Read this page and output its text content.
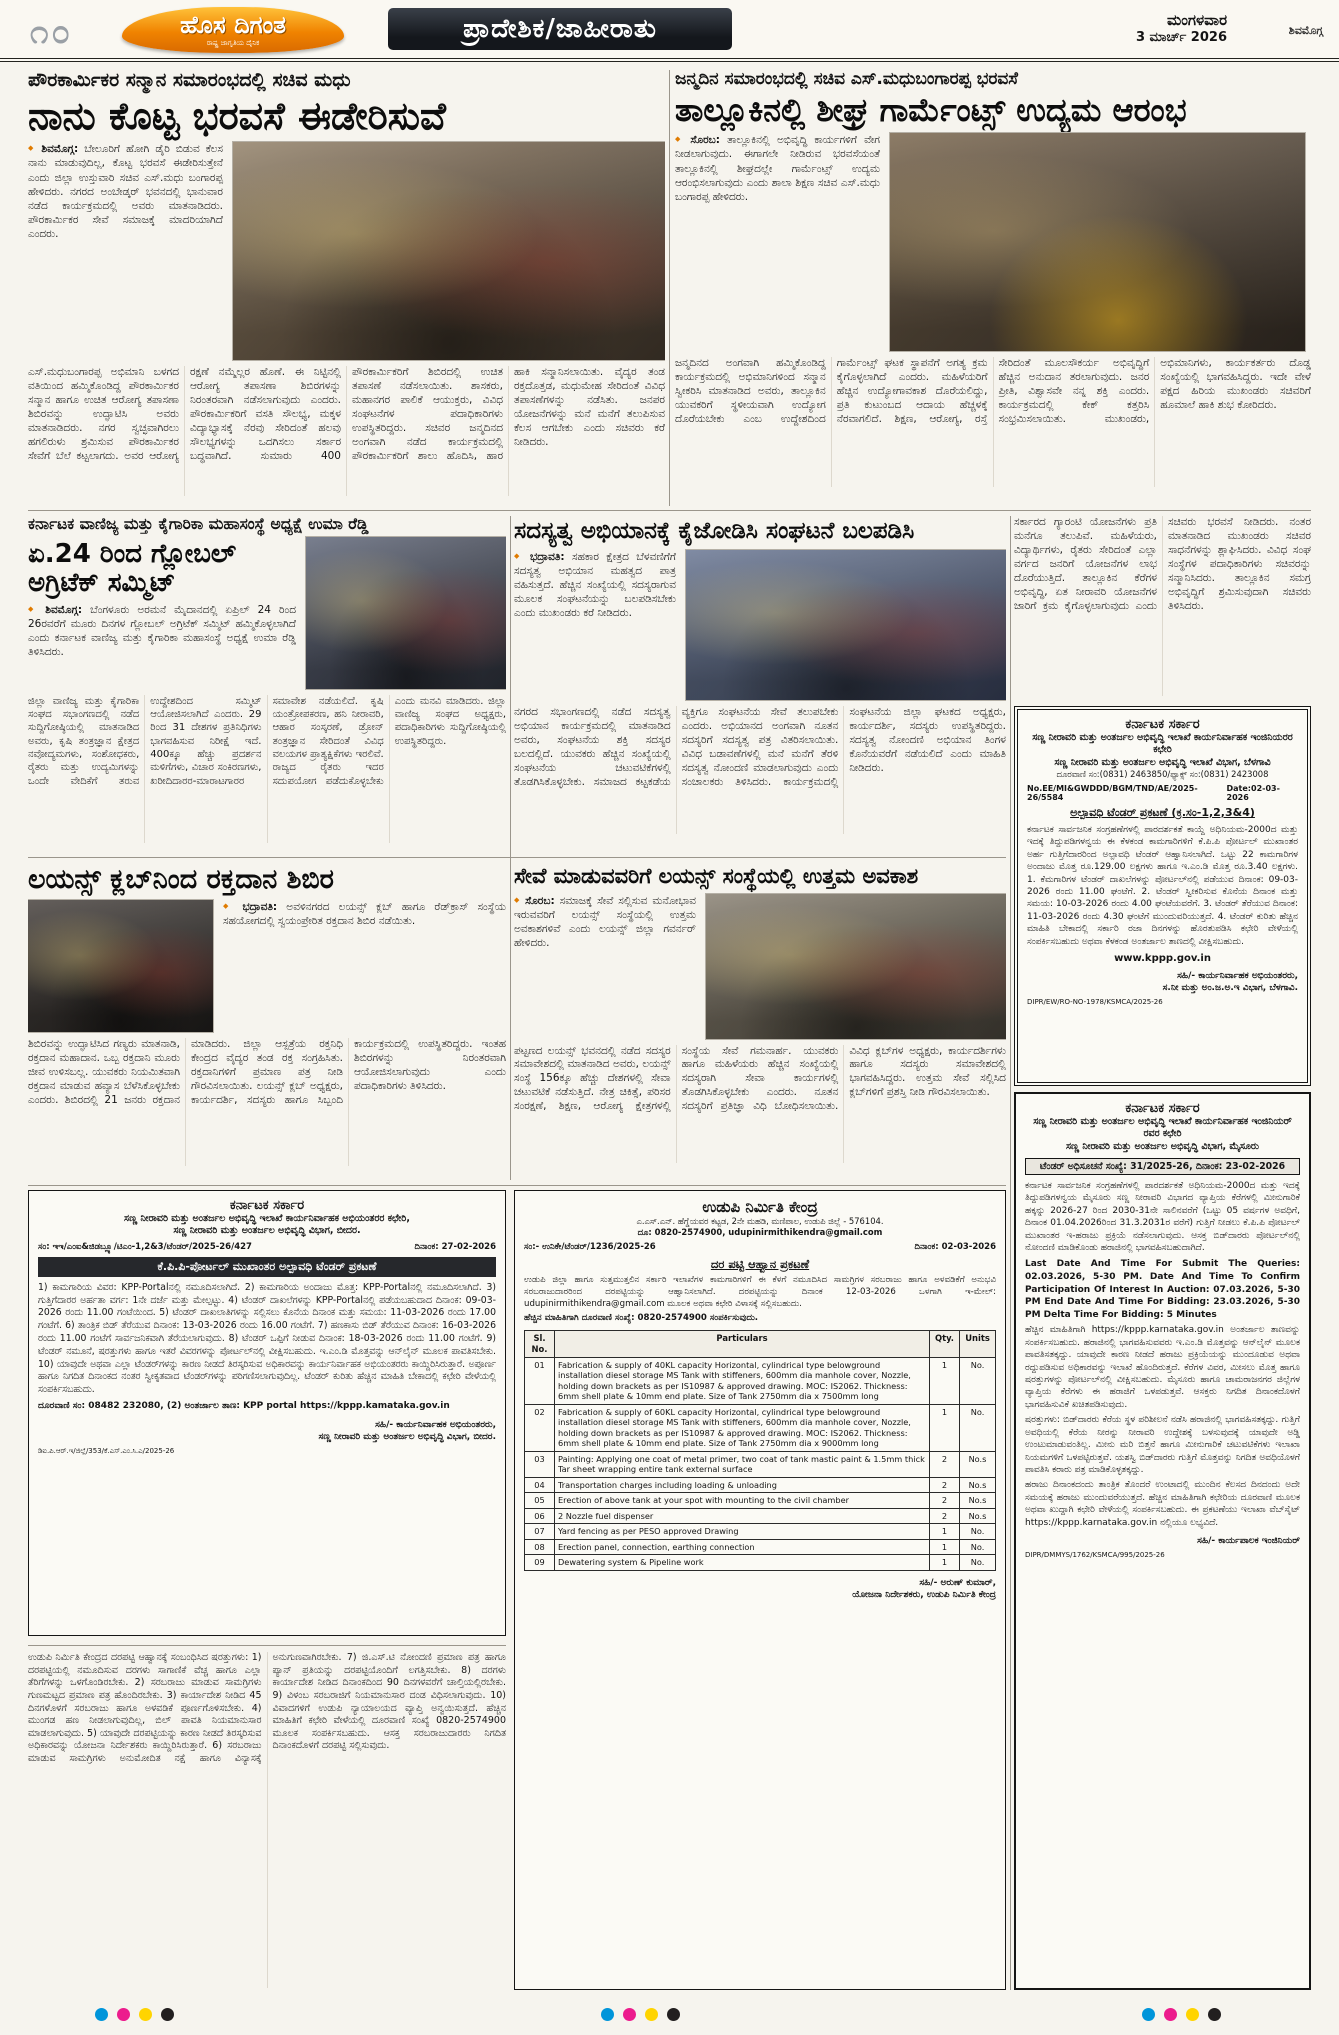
೧೦	ಹೊಸ ದಿಗಂತ
ರಾಷ್ಟ್ರ ಜಾಗೃತಿಯ ದೈನಿಕ	ಪ್ರಾದೇಶಿಕ/ಜಾಹೀರಾತು	ಮಂಗಳವಾರ
3 ಮಾರ್ಚ್ 2026	ಶಿವಮೊಗ್ಗ
ಪೌರಕಾರ್ಮಿಕರ ಸನ್ಮಾನ ಸಮಾರಂಭದಲ್ಲಿ ಸಚಿವ ಮಧು
ನಾನು ಕೊಟ್ಟ ಭರವಸೆ ಈಡೇರಿಸುವೆ

◆ ಶಿವಮೊಗ್ಗ: ಬೇಲೂರಿಗೆ ಹೋಗಿ ಡೈರಿ ಬಿಡುವ ಕೆಲಸ ನಾನು ಮಾಡುವುದಿಲ್ಲ, ಕೊಟ್ಟ ಭರವಸೆ ಈಡೇರಿಸುತ್ತೇನೆ ಎಂದು ಜಿಲ್ಲಾ ಉಸ್ತುವಾರಿ ಸಚಿವ ಎಸ್.ಮಧು ಬಂಗಾರಪ್ಪ ಹೇಳಿದರು. ನಗರದ ಅಂಬೇಡ್ಕರ್ ಭವನದಲ್ಲಿ ಭಾನುವಾರ ನಡೆದ ಕಾರ್ಯಕ್ರಮದಲ್ಲಿ ಅವರು ಮಾತನಾಡಿದರು. ಪೌರಕಾರ್ಮಿಕರ ಸೇವೆ ಸಮಾಜಕ್ಕೆ ಮಾದರಿಯಾಗಿದೆ ಎಂದರು.

ಎಸ್.ಮಧುಬಂಗಾರಪ್ಪ ಅಭಿಮಾನಿ ಬಳಗದ ವತಿಯಿಂದ ಹಮ್ಮಿಕೊಂಡಿದ್ದ ಪೌರಕಾರ್ಮಿಕರ ಸನ್ಮಾನ ಹಾಗೂ ಉಚಿತ ಆರೋಗ್ಯ ತಪಾಸಣಾ ಶಿಬಿರವನ್ನು ಉದ್ಘಾಟಿಸಿ ಅವರು ಮಾತನಾಡಿದರು. ನಗರ ಸ್ವಚ್ಛವಾಗಿರಲು ಹಗಲಿರುಳು ಶ್ರಮಿಸುವ ಪೌರಕಾರ್ಮಿಕರ ಸೇವೆಗೆ ಬೆಲೆ ಕಟ್ಟಲಾಗದು. ಅವರ ಆರೋಗ್ಯ ರಕ್ಷಣೆ ನಮ್ಮೆಲ್ಲರ ಹೊಣೆ. ಈ ನಿಟ್ಟಿನಲ್ಲಿ ಆರೋಗ್ಯ ತಪಾಸಣಾ ಶಿಬಿರಗಳನ್ನು ನಿರಂತರವಾಗಿ ನಡೆಸಲಾಗುವುದು ಎಂದರು. ಪೌರಕಾರ್ಮಿಕರಿಗೆ ವಸತಿ ಸೌಲಭ್ಯ, ಮಕ್ಕಳ ವಿದ್ಯಾಭ್ಯಾಸಕ್ಕೆ ನೆರವು ಸೇರಿದಂತೆ ಹಲವು ಸೌಲಭ್ಯಗಳನ್ನು ಒದಗಿಸಲು ಸರ್ಕಾರ ಬದ್ಧವಾಗಿದೆ. ಸುಮಾರು 400 ಪೌರಕಾರ್ಮಿಕರಿಗೆ ಶಿಬಿರದಲ್ಲಿ ಉಚಿತ ತಪಾಸಣೆ ನಡೆಸಲಾಯಿತು. ಶಾಸಕರು, ಮಹಾನಗರ ಪಾಲಿಕೆ ಆಯುಕ್ತರು, ವಿವಿಧ ಸಂಘಟನೆಗಳ ಪದಾಧಿಕಾರಿಗಳು ಉಪಸ್ಥಿತರಿದ್ದರು. ಸಚಿವರ ಜನ್ಮದಿನದ ಅಂಗವಾಗಿ ನಡೆದ ಕಾರ್ಯಕ್ರಮದಲ್ಲಿ ಪೌರಕಾರ್ಮಿಕರಿಗೆ ಶಾಲು ಹೊದಿಸಿ, ಹಾರ ಹಾಕಿ ಸನ್ಮಾನಿಸಲಾಯಿತು. ವೈದ್ಯರ ತಂಡ ರಕ್ತದೊತ್ತಡ, ಮಧುಮೇಹ ಸೇರಿದಂತೆ ವಿವಿಧ ತಪಾಸಣೆಗಳನ್ನು ನಡೆಸಿತು. ಜನಪರ ಯೋಜನೆಗಳನ್ನು ಮನೆ ಮನೆಗೆ ತಲುಪಿಸುವ ಕೆಲಸ ಆಗಬೇಕು ಎಂದು ಸಚಿವರು ಕರೆ ನೀಡಿದರು.

ಜನ್ಮದಿನ ಸಮಾರಂಭದಲ್ಲಿ ಸಚಿವ ಎಸ್.ಮಧುಬಂಗಾರಪ್ಪ ಭರವಸೆ
ತಾಲ್ಲೂಕಿನಲ್ಲಿ ಶೀಘ್ರ ಗಾರ್ಮೆಂಟ್ಸ್ ಉದ್ಯಮ ಆರಂಭ

◆ ಸೊರಬ: ತಾಲ್ಲೂಕಿನಲ್ಲಿ ಅಭಿವೃದ್ಧಿ ಕಾರ್ಯಗಳಿಗೆ ವೇಗ ನೀಡಲಾಗುವುದು. ಈಗಾಗಲೇ ನೀಡಿರುವ ಭರವಸೆಯಂತೆ ತಾಲ್ಲೂಕಿನಲ್ಲಿ ಶೀಘ್ರದಲ್ಲೇ ಗಾರ್ಮೆಂಟ್ಸ್ ಉದ್ಯಮ ಆರಂಭಿಸಲಾಗುವುದು ಎಂದು ಶಾಲಾ ಶಿಕ್ಷಣ ಸಚಿವ ಎಸ್.ಮಧು ಬಂಗಾರಪ್ಪ ಹೇಳಿದರು.

ಜನ್ಮದಿನದ ಅಂಗವಾಗಿ ಹಮ್ಮಿಕೊಂಡಿದ್ದ ಕಾರ್ಯಕ್ರಮದಲ್ಲಿ ಅಭಿಮಾನಿಗಳಿಂದ ಸನ್ಮಾನ ಸ್ವೀಕರಿಸಿ ಮಾತನಾಡಿದ ಅವರು, ತಾಲ್ಲೂಕಿನ ಯುವಕರಿಗೆ ಸ್ಥಳೀಯವಾಗಿ ಉದ್ಯೋಗ ದೊರೆಯಬೇಕು ಎಂಬ ಉದ್ದೇಶದಿಂದ ಗಾರ್ಮೆಂಟ್ಸ್ ಘಟಕ ಸ್ಥಾಪನೆಗೆ ಅಗತ್ಯ ಕ್ರಮ ಕೈಗೊಳ್ಳಲಾಗಿದೆ ಎಂದರು. ಮಹಿಳೆಯರಿಗೆ ಹೆಚ್ಚಿನ ಉದ್ಯೋಗಾವಕಾಶ ದೊರೆಯಲಿದ್ದು, ಪ್ರತಿ ಕುಟುಂಬದ ಆದಾಯ ಹೆಚ್ಚಳಕ್ಕೆ ನೆರವಾಗಲಿದೆ. ಶಿಕ್ಷಣ, ಆರೋಗ್ಯ, ರಸ್ತೆ ಸೇರಿದಂತೆ ಮೂಲಸೌಕರ್ಯ ಅಭಿವೃದ್ಧಿಗೆ ಹೆಚ್ಚಿನ ಅನುದಾನ ತರಲಾಗುವುದು. ಜನರ ಪ್ರೀತಿ, ವಿಶ್ವಾಸವೇ ನನ್ನ ಶಕ್ತಿ ಎಂದರು. ಕಾರ್ಯಕ್ರಮದಲ್ಲಿ ಕೇಕ್ ಕತ್ತರಿಸಿ ಸಂಭ್ರಮಿಸಲಾಯಿತು. ಮುಖಂಡರು, ಅಭಿಮಾನಿಗಳು, ಕಾರ್ಯಕರ್ತರು ದೊಡ್ಡ ಸಂಖ್ಯೆಯಲ್ಲಿ ಭಾಗವಹಿಸಿದ್ದರು. ಇದೇ ವೇಳೆ ಪಕ್ಷದ ಹಿರಿಯ ಮುಖಂಡರು ಸಚಿವರಿಗೆ ಹೂಮಾಲೆ ಹಾಕಿ ಶುಭ ಕೋರಿದರು.

ಸರ್ಕಾರದ ಗ್ಯಾರಂಟಿ ಯೋಜನೆಗಳು ಪ್ರತಿ ಮನೆಗೂ ತಲುಪಿವೆ. ಮಹಿಳೆಯರು, ವಿದ್ಯಾರ್ಥಿಗಳು, ರೈತರು ಸೇರಿದಂತೆ ಎಲ್ಲಾ ವರ್ಗದ ಜನರಿಗೆ ಯೋಜನೆಗಳ ಲಾಭ ದೊರೆಯುತ್ತಿದೆ. ತಾಲ್ಲೂಕಿನ ಕೆರೆಗಳ ಅಭಿವೃದ್ಧಿ, ಏತ ನೀರಾವರಿ ಯೋಜನೆಗಳ ಜಾರಿಗೆ ಕ್ರಮ ಕೈಗೊಳ್ಳಲಾಗುವುದು ಎಂದು ಸಚಿವರು ಭರವಸೆ ನೀಡಿದರು. ನಂತರ ಮಾತನಾಡಿದ ಮುಖಂಡರು ಸಚಿವರ ಸಾಧನೆಗಳನ್ನು ಶ್ಲಾಘಿಸಿದರು. ವಿವಿಧ ಸಂಘ ಸಂಸ್ಥೆಗಳ ಪದಾಧಿಕಾರಿಗಳು ಸಚಿವರನ್ನು ಸನ್ಮಾನಿಸಿದರು. ತಾಲ್ಲೂಕಿನ ಸಮಗ್ರ ಅಭಿವೃದ್ಧಿಗೆ ಶ್ರಮಿಸುವುದಾಗಿ ಸಚಿವರು ತಿಳಿಸಿದರು.

ಕರ್ನಾಟಕ ವಾಣಿಜ್ಯ ಮತ್ತು ಕೈಗಾರಿಕಾ ಮಹಾಸಂಸ್ಥೆ ಅಧ್ಯಕ್ಷೆ ಉಮಾ ರೆಡ್ಡಿ
ಏ.24 ರಿಂದ ಗ್ಲೋಬಲ್ ಅಗ್ರಿಟೆಕ್ ಸಮ್ಮಿಟ್

◆ ಶಿವಮೊಗ್ಗ: ಬೆಂಗಳೂರು ಅರಮನೆ ಮೈದಾನದಲ್ಲಿ ಏಪ್ರಿಲ್ 24 ರಿಂದ 26ರವರೆಗೆ ಮೂರು ದಿನಗಳ ಗ್ಲೋಬಲ್ ಅಗ್ರಿಟೆಕ್ ಸಮ್ಮಿಟ್ ಹಮ್ಮಿಕೊಳ್ಳಲಾಗಿದೆ ಎಂದು ಕರ್ನಾಟಕ ವಾಣಿಜ್ಯ ಮತ್ತು ಕೈಗಾರಿಕಾ ಮಹಾಸಂಸ್ಥೆ ಅಧ್ಯಕ್ಷೆ ಉಮಾ ರೆಡ್ಡಿ ತಿಳಿಸಿದರು.

ಜಿಲ್ಲಾ ವಾಣಿಜ್ಯ ಮತ್ತು ಕೈಗಾರಿಕಾ ಸಂಘದ ಸಭಾಂಗಣದಲ್ಲಿ ನಡೆದ ಸುದ್ದಿಗೋಷ್ಠಿಯಲ್ಲಿ ಮಾತನಾಡಿದ ಅವರು, ಕೃಷಿ ತಂತ್ರಜ್ಞಾನ ಕ್ಷೇತ್ರದ ನವೋದ್ಯಮಗಳು, ಸಂಶೋಧಕರು, ರೈತರು ಮತ್ತು ಉದ್ಯಮಿಗಳನ್ನು ಒಂದೇ ವೇದಿಕೆಗೆ ತರುವ ಉದ್ದೇಶದಿಂದ ಸಮ್ಮಿಟ್ ಆಯೋಜಿಸಲಾಗಿದೆ ಎಂದರು. 29 ರಿಂದ 31 ದೇಶಗಳ ಪ್ರತಿನಿಧಿಗಳು ಭಾಗವಹಿಸುವ ನಿರೀಕ್ಷೆ ಇದೆ. 400ಕ್ಕೂ ಹೆಚ್ಚು ಪ್ರದರ್ಶನ ಮಳಿಗೆಗಳು, ವಿಚಾರ ಸಂಕಿರಣಗಳು, ಖರೀದಿದಾರರ-ಮಾರಾಟಗಾರರ ಸಮಾವೇಶ ನಡೆಯಲಿದೆ. ಕೃಷಿ ಯಂತ್ರೋಪಕರಣ, ಹನಿ ನೀರಾವರಿ, ಆಹಾರ ಸಂಸ್ಕರಣೆ, ಡ್ರೋನ್ ತಂತ್ರಜ್ಞಾನ ಸೇರಿದಂತೆ ವಿವಿಧ ವಲಯಗಳ ಪ್ರಾತ್ಯಕ್ಷಿಕೆಗಳು ಇರಲಿವೆ. ರಾಜ್ಯದ ರೈತರು ಇದರ ಸದುಪಯೋಗ ಪಡೆದುಕೊಳ್ಳಬೇಕು ಎಂದು ಮನವಿ ಮಾಡಿದರು. ಜಿಲ್ಲಾ ವಾಣಿಜ್ಯ ಸಂಘದ ಅಧ್ಯಕ್ಷರು, ಪದಾಧಿಕಾರಿಗಳು ಸುದ್ದಿಗೋಷ್ಠಿಯಲ್ಲಿ ಉಪಸ್ಥಿತರಿದ್ದರು.

ಸದಸ್ಯತ್ವ ಅಭಿಯಾನಕ್ಕೆ ಕೈಜೋಡಿಸಿ ಸಂಘಟನೆ ಬಲಪಡಿಸಿ

◆ ಭದ್ರಾವತಿ: ಸಹಕಾರ ಕ್ಷೇತ್ರದ ಬೆಳವಣಿಗೆಗೆ ಸದಸ್ಯತ್ವ ಅಭಿಯಾನ ಮಹತ್ವದ ಪಾತ್ರ ವಹಿಸುತ್ತದೆ. ಹೆಚ್ಚಿನ ಸಂಖ್ಯೆಯಲ್ಲಿ ಸದಸ್ಯರಾಗುವ ಮೂಲಕ ಸಂಘಟನೆಯನ್ನು ಬಲಪಡಿಸಬೇಕು ಎಂದು ಮುಖಂಡರು ಕರೆ ನೀಡಿದರು.

ನಗರದ ಸಭಾಂಗಣದಲ್ಲಿ ನಡೆದ ಸದಸ್ಯತ್ವ ಅಭಿಯಾನ ಕಾರ್ಯಕ್ರಮದಲ್ಲಿ ಮಾತನಾಡಿದ ಅವರು, ಸಂಘಟನೆಯ ಶಕ್ತಿ ಸದಸ್ಯರ ಬಲದಲ್ಲಿದೆ. ಯುವಕರು ಹೆಚ್ಚಿನ ಸಂಖ್ಯೆಯಲ್ಲಿ ಸಂಘಟನೆಯ ಚಟುವಟಿಕೆಗಳಲ್ಲಿ ತೊಡಗಿಸಿಕೊಳ್ಳಬೇಕು. ಸಮಾಜದ ಕಟ್ಟಕಡೆಯ ವ್ಯಕ್ತಿಗೂ ಸಂಘಟನೆಯ ಸೇವೆ ತಲುಪಬೇಕು ಎಂದರು. ಅಭಿಯಾನದ ಅಂಗವಾಗಿ ನೂತನ ಸದಸ್ಯರಿಗೆ ಸದಸ್ಯತ್ವ ಪತ್ರ ವಿತರಿಸಲಾಯಿತು. ವಿವಿಧ ಬಡಾವಣೆಗಳಲ್ಲಿ ಮನೆ ಮನೆಗೆ ತೆರಳಿ ಸದಸ್ಯತ್ವ ನೋಂದಣಿ ಮಾಡಲಾಗುವುದು ಎಂದು ಸಂಚಾಲಕರು ತಿಳಿಸಿದರು. ಕಾರ್ಯಕ್ರಮದಲ್ಲಿ ಸಂಘಟನೆಯ ಜಿಲ್ಲಾ ಘಟಕದ ಅಧ್ಯಕ್ಷರು, ಕಾರ್ಯದರ್ಶಿ, ಸದಸ್ಯರು ಉಪಸ್ಥಿತರಿದ್ದರು. ಸದಸ್ಯತ್ವ ನೋಂದಣಿ ಅಭಿಯಾನ ತಿಂಗಳ ಕೊನೆಯವರೆಗೆ ನಡೆಯಲಿದೆ ಎಂದು ಮಾಹಿತಿ ನೀಡಿದರು.

ಲಯನ್ಸ್ ಕ್ಲಬ್‌ನಿಂದ ರಕ್ತದಾನ ಶಿಬಿರ

◆ ಭದ್ರಾವತಿ: ಅವಳಿನಗರದ ಲಯನ್ಸ್ ಕ್ಲಬ್ ಹಾಗೂ ರೆಡ್‌ಕ್ರಾಸ್ ಸಂಸ್ಥೆಯ ಸಹಯೋಗದಲ್ಲಿ ಸ್ವಯಂಪ್ರೇರಿತ ರಕ್ತದಾನ ಶಿಬಿರ ನಡೆಯಿತು.

ಶಿಬಿರವನ್ನು ಉದ್ಘಾಟಿಸಿದ ಗಣ್ಯರು ಮಾತನಾಡಿ, ರಕ್ತದಾನ ಮಹಾದಾನ. ಒಬ್ಬ ರಕ್ತದಾನಿ ಮೂರು ಜೀವ ಉಳಿಸಬಲ್ಲ. ಯುವಕರು ನಿಯಮಿತವಾಗಿ ರಕ್ತದಾನ ಮಾಡುವ ಹವ್ಯಾಸ ಬೆಳೆಸಿಕೊಳ್ಳಬೇಕು ಎಂದರು. ಶಿಬಿರದಲ್ಲಿ 21 ಜನರು ರಕ್ತದಾನ ಮಾಡಿದರು. ಜಿಲ್ಲಾ ಆಸ್ಪತ್ರೆಯ ರಕ್ತನಿಧಿ ಕೇಂದ್ರದ ವೈದ್ಯರ ತಂಡ ರಕ್ತ ಸಂಗ್ರಹಿಸಿತು. ರಕ್ತದಾನಿಗಳಿಗೆ ಪ್ರಮಾಣ ಪತ್ರ ನೀಡಿ ಗೌರವಿಸಲಾಯಿತು. ಲಯನ್ಸ್ ಕ್ಲಬ್ ಅಧ್ಯಕ್ಷರು, ಕಾರ್ಯದರ್ಶಿ, ಸದಸ್ಯರು ಹಾಗೂ ಸಿಬ್ಬಂದಿ ಕಾರ್ಯಕ್ರಮದಲ್ಲಿ ಉಪಸ್ಥಿತರಿದ್ದರು. ಇಂತಹ ಶಿಬಿರಗಳನ್ನು ನಿರಂತರವಾಗಿ ಆಯೋಜಿಸಲಾಗುವುದು ಎಂದು ಪದಾಧಿಕಾರಿಗಳು ತಿಳಿಸಿದರು.

ಸೇವೆ ಮಾಡುವವರಿಗೆ ಲಯನ್ಸ್ ಸಂಸ್ಥೆಯಲ್ಲಿ ಉತ್ತಮ ಅವಕಾಶ

◆ ಸೊರಬ: ಸಮಾಜಕ್ಕೆ ಸೇವೆ ಸಲ್ಲಿಸುವ ಮನೋಭಾವ ಇರುವವರಿಗೆ ಲಯನ್ಸ್ ಸಂಸ್ಥೆಯಲ್ಲಿ ಉತ್ತಮ ಅವಕಾಶಗಳಿವೆ ಎಂದು ಲಯನ್ಸ್ ಜಿಲ್ಲಾ ಗವರ್ನರ್ ಹೇಳಿದರು.

ಪಟ್ಟಣದ ಲಯನ್ಸ್ ಭವನದಲ್ಲಿ ನಡೆದ ಸದಸ್ಯರ ಸಮಾವೇಶದಲ್ಲಿ ಮಾತನಾಡಿದ ಅವರು, ಲಯನ್ಸ್ ಸಂಸ್ಥೆ 156ಕ್ಕೂ ಹೆಚ್ಚು ದೇಶಗಳಲ್ಲಿ ಸೇವಾ ಚಟುವಟಿಕೆ ನಡೆಸುತ್ತಿದೆ. ನೇತ್ರ ಚಿಕಿತ್ಸೆ, ಪರಿಸರ ಸಂರಕ್ಷಣೆ, ಶಿಕ್ಷಣ, ಆರೋಗ್ಯ ಕ್ಷೇತ್ರಗಳಲ್ಲಿ ಸಂಸ್ಥೆಯ ಸೇವೆ ಗಮನಾರ್ಹ. ಯುವಕರು ಹಾಗೂ ಮಹಿಳೆಯರು ಹೆಚ್ಚಿನ ಸಂಖ್ಯೆಯಲ್ಲಿ ಸದಸ್ಯರಾಗಿ ಸೇವಾ ಕಾರ್ಯಗಳಲ್ಲಿ ತೊಡಗಿಸಿಕೊಳ್ಳಬೇಕು ಎಂದರು. ನೂತನ ಸದಸ್ಯರಿಗೆ ಪ್ರತಿಜ್ಞಾ ವಿಧಿ ಬೋಧಿಸಲಾಯಿತು. ವಿವಿಧ ಕ್ಲಬ್‌ಗಳ ಅಧ್ಯಕ್ಷರು, ಕಾರ್ಯದರ್ಶಿಗಳು ಹಾಗೂ ಸದಸ್ಯರು ಸಮಾವೇಶದಲ್ಲಿ ಭಾಗವಹಿಸಿದ್ದರು. ಉತ್ತಮ ಸೇವೆ ಸಲ್ಲಿಸಿದ ಕ್ಲಬ್‌ಗಳಿಗೆ ಪ್ರಶಸ್ತಿ ನೀಡಿ ಗೌರವಿಸಲಾಯಿತು.

ಕರ್ನಾಟಕ ಸರ್ಕಾರ
ಸಣ್ಣ ನೀರಾವರಿ ಮತ್ತು ಅಂತರ್ಜಲ ಅಭಿವೃದ್ಧಿ ಇಲಾಖೆ ಕಾರ್ಯನಿರ್ವಾಹಕ ಇಂಜಿನಿಯರರ ಕಛೇರಿ
ಸಣ್ಣ ನೀರಾವರಿ ಮತ್ತು ಅಂತರ್ಜಲ ಅಭಿವೃದ್ಧಿ ಇಲಾಖೆ ವಿಭಾಗ, ಬೆಳಗಾವಿ
ದೂರವಾಣಿ ಸಂ:(0831) 2463850/ಫ್ಯಾಕ್ಸ್ ಸಂ:(0831) 2423008
No.EE/MI&GWDDD/BGM/TND/AE/2025-26/5584
Date:02-03-2026
ಅಲ್ಪಾವಧಿ ಟೆಂಡರ್ ಪ್ರಕಟಣೆ (ಕ್ರ.ಸಂ-1,2,3&4)

ಕರ್ನಾಟಕ ಸಾರ್ವಜನಿಕ ಸಂಗ್ರಹಣೆಗಳಲ್ಲಿ ಪಾರದರ್ಶಕತೆ ಕಾಯ್ದೆ ಅಧಿನಿಯಮ-2000ದ ಮತ್ತು ಇದಕ್ಕೆ ತಿದ್ದುಪಡಿಗಳನ್ವಯ ಈ ಕೆಳಕಂಡ ಕಾಮಗಾರಿಗಳಿಗೆ ಕೆ.ಪಿ.ಪಿ ಪೋರ್ಟಲ್ ಮುಖಾಂತರ ಅರ್ಹ ಗುತ್ತಿಗೆದಾರರಿಂದ ಅಲ್ಪಾವಧಿ ಟೆಂಡರ್ ಆಹ್ವಾನಿಸಲಾಗಿದೆ. ಒಟ್ಟು 22 ಕಾಮಗಾರಿಗಳ ಅಂದಾಜು ಮೊತ್ತ ರೂ.129.00 ಲಕ್ಷಗಳು ಹಾಗೂ ಇ.ಎಂ.ಡಿ ಮೊತ್ತ ರೂ.3.40 ಲಕ್ಷಗಳು. 1. ಕೆಮಗಾರಿಗಳ ಟೆಂಡರ್ ದಾಖಲೆಗಳನ್ನು ಪೋರ್ಟಲ್‌ನಲ್ಲಿ ಪಡೆಯುವ ದಿನಾಂಕ: 09-03-2026 ರಂದು 11.00 ಘಂಟೆಗೆ. 2. ಟೆಂಡರ್ ಸ್ವೀಕರಿಸುವ ಕೊನೆಯ ದಿನಾಂಕ ಮತ್ತು ಸಮಯ: 10-03-2026 ರಂದು 4.00 ಘಂಟೆಯವರೆಗೆ. 3. ಟೆಂಡರ್ ತೆರೆಯುವ ದಿನಾಂಕ: 11-03-2026 ರಂದು 4.30 ಘಂಟೆಗೆ ಮುಂದುವರಿಯುತ್ತದೆ. 4. ಟೆಂಡರ್ ಕುರಿತು ಹೆಚ್ಚಿನ ಮಾಹಿತಿ ಬೇಕಾದಲ್ಲಿ ಸರ್ಕಾರಿ ರಜಾ ದಿನಗಳನ್ನು ಹೊರತುಪಡಿಸಿ ಕಛೇರಿ ವೇಳೆಯಲ್ಲಿ ಸಂಪರ್ಕಿಸಬಹುದು ಅಥವಾ ಕೆಳಕಂಡ ಅಂತರ್ಜಾಲ ತಾಣದಲ್ಲಿ ವೀಕ್ಷಿಸಬಹುದು.

www.kppp.gov.in
ಸಹಿ/- ಕಾರ್ಯನಿರ್ವಾಹಕ ಅಭಿಯಂತರರು,
ಸ.ನೀ ಮತ್ತು ಅಂ.ಜ.ಅ.ಇ ವಿಭಾಗ, ಬೆಳಗಾವಿ.
DIPR/EW/RO-NO-1978/KSMCA/2025-26
ಕರ್ನಾಟಕ ಸರ್ಕಾರ
ಸಣ್ಣ ನೀರಾವರಿ ಮತ್ತು ಅಂತರ್ಜಲ ಅಭಿವೃದ್ಧಿ ಇಲಾಖೆ ಕಾರ್ಯನಿರ್ವಾಹಕ ಇಂಜಿನಿಯರ್ ರವರ ಕಛೇರಿ
ಸಣ್ಣ ನೀರಾವರಿ ಮತ್ತು ಅಂತರ್ಜಲ ಅಭಿವೃದ್ಧಿ ವಿಭಾಗ, ಮೈಸೂರು
ಟೆಂಡರ್ ಅಧಿಸೂಚನೆ ಸಂಖ್ಯೆ: 31/2025-26, ದಿನಾಂಕ: 23-02-2026

ಕರ್ನಾಟಕ ಸಾರ್ವಜನಿಕ ಸಂಗ್ರಹಣೆಗಳಲ್ಲಿ ಪಾರದರ್ಶಕತೆ ಅಧಿನಿಯಮ-2000ದ ಮತ್ತು ಇದಕ್ಕೆ ತಿದ್ದುಪಡಿಗಳನ್ವಯ ಮೈಸೂರು ಸಣ್ಣ ನೀರಾವರಿ ವಿಭಾಗದ ವ್ಯಾಪ್ತಿಯ ಕೆರೆಗಳಲ್ಲಿ ಮೀನುಗಾರಿಕೆ ಹಕ್ಕನ್ನು 2026-27 ರಿಂದ 2030-31ನೇ ಸಾಲಿನವರೆಗೆ (ಒಟ್ಟು 05 ವರ್ಷಗಳ ಅವಧಿಗೆ, ದಿನಾಂಕ 01.04.2026ರಿಂದ 31.3.2031ರ ವರೆಗೆ) ಗುತ್ತಿಗೆ ನೀಡಲು ಕೆ.ಪಿ.ಪಿ ಪೋರ್ಟಲ್ ಮುಖಾಂತರ ಇ-ಹರಾಜು ಪ್ರಕ್ರಿಯೆ ನಡೆಸಲಾಗುವುದು. ಆಸಕ್ತ ಬಿಡ್‌ದಾರರು ಪೋರ್ಟಲ್‌ನಲ್ಲಿ ನೋಂದಣಿ ಮಾಡಿಕೊಂಡು ಹರಾಜಿನಲ್ಲಿ ಭಾಗವಹಿಸಬಹುದಾಗಿದೆ.

Last Date And Time For Submit The Queries: 02.03.2026, 5-30 PM. Date And Time To Confirm Participation Of Interest In Auction: 07.03.2026, 5-30 PM End Date And Time For Bidding: 23.03.2026, 5-30 PM Delta Time For Bidding: 5 Minutes

ಹೆಚ್ಚಿನ ಮಾಹಿತಿಗಾಗಿ https://kppp.karnataka.gov.in ಅಂತರ್ಜಾಲ ತಾಣವನ್ನು ಸಂಪರ್ಕಿಸಬಹುದು. ಹರಾಜಿನಲ್ಲಿ ಭಾಗವಹಿಸುವವರು ಇ.ಎಂ.ಡಿ ಮೊತ್ತವನ್ನು ಆನ್‌ಲೈನ್ ಮೂಲಕ ಪಾವತಿಸತಕ್ಕದ್ದು. ಯಾವುದೇ ಕಾರಣ ನೀಡದೆ ಹರಾಜು ಪ್ರಕ್ರಿಯೆಯನ್ನು ಮುಂದೂಡುವ ಅಥವಾ ರದ್ದುಪಡಿಸುವ ಅಧಿಕಾರವನ್ನು ಇಲಾಖೆ ಹೊಂದಿರುತ್ತದೆ. ಕೆರೆಗಳ ವಿವರ, ಮೀಸಲು ಮೊತ್ತ ಹಾಗೂ ಷರತ್ತುಗಳನ್ನು ಪೋರ್ಟಲ್‌ನಲ್ಲಿ ವೀಕ್ಷಿಸಬಹುದು. ಮೈಸೂರು ಹಾಗೂ ಚಾಮರಾಜನಗರ ಜಿಲ್ಲೆಗಳ ವ್ಯಾಪ್ತಿಯ ಕೆರೆಗಳು ಈ ಹರಾಜಿಗೆ ಒಳಪಡುತ್ತವೆ. ಆಸಕ್ತರು ನಿಗದಿತ ದಿನಾಂಕದೊಳಗೆ ಭಾಗವಹಿಸುವಿಕೆ ಖಚಿತಪಡಿಸುವುದು.

ಷರತ್ತುಗಳು: ಬಿಡ್‌ದಾರರು ಕೆರೆಯ ಸ್ಥಳ ಪರಿಶೀಲನೆ ನಡೆಸಿ ಹರಾಜಿನಲ್ಲಿ ಭಾಗವಹಿಸತಕ್ಕದ್ದು. ಗುತ್ತಿಗೆ ಅವಧಿಯಲ್ಲಿ ಕೆರೆಯ ನೀರನ್ನು ನೀರಾವರಿ ಉದ್ದೇಶಕ್ಕೆ ಬಳಸುವುದಕ್ಕೆ ಯಾವುದೇ ಅಡ್ಡಿ ಉಂಟುಮಾಡುವಂತಿಲ್ಲ. ಮೀನು ಮರಿ ಬಿತ್ತನೆ ಹಾಗೂ ಮೀನುಗಾರಿಕೆ ಚಟುವಟಿಕೆಗಳು ಇಲಾಖಾ ನಿಯಮಗಳಿಗೆ ಒಳಪಟ್ಟಿರುತ್ತವೆ. ಯಶಸ್ವಿ ಬಿಡ್‌ದಾರರು ಗುತ್ತಿಗೆ ಮೊತ್ತವನ್ನು ನಿಗದಿತ ಅವಧಿಯೊಳಗೆ ಪಾವತಿಸಿ ಕರಾರು ಪತ್ರ ಮಾಡಿಕೊಳ್ಳತಕ್ಕದ್ದು.

ಹರಾಜು ದಿನಾಂಕದಂದು ತಾಂತ್ರಿಕ ತೊಂದರೆ ಉಂಟಾದಲ್ಲಿ ಮುಂದಿನ ಕೆಲಸದ ದಿನದಂದು ಅದೇ ಸಮಯಕ್ಕೆ ಹರಾಜು ಮುಂದುವರೆಯುತ್ತದೆ. ಹೆಚ್ಚಿನ ಮಾಹಿತಿಗಾಗಿ ಕಛೇರಿಯ ದೂರವಾಣಿ ಮೂಲಕ ಅಥವಾ ಖುದ್ದಾಗಿ ಕಛೇರಿ ವೇಳೆಯಲ್ಲಿ ಸಂಪರ್ಕಿಸಬಹುದು. ಈ ಪ್ರಕಟಣೆಯು ಇಲಾಖಾ ವೆಬ್‌ಸೈಟ್ https://kppp.karnataka.gov.in ನಲ್ಲಿಯೂ ಲಭ್ಯವಿದೆ.

ಸಹಿ/- ಕಾರ್ಯಪಾಲಕ ಇಂಜಿನಿಯರ್
DIPR/DMMYS/1762/KSMCA/995/2025-26
ಕರ್ನಾಟಕ ಸರ್ಕಾರ
ಸಣ್ಣ ನೀರಾವರಿ ಮತ್ತು ಅಂತರ್ಜಲ ಅಭಿವೃದ್ಧಿ ಇಲಾಖೆ ಕಾರ್ಯನಿರ್ವಾಹಕ ಅಭಿಯಂತರರ ಕಛೇರಿ,
ಸಣ್ಣ ನೀರಾವರಿ ಮತ್ತು ಅಂತರ್ಜಲ ಅಭಿವೃದ್ಧಿ ವಿಭಾಗ, ಬೀದರ.
ಸಂ: ಇಇ/ಎಂಐ&ಜಿಡಬ್ಲ್ಯೂ/ಟಿಎಂ-1,2&3/ಟೆಂಡರ್/2025-26/427	ದಿನಾಂಕ: 27-02-2026
ಕೆ.ಪಿ.ಪಿ-ಪೋರ್ಟಲ್ ಮುಖಾಂತರ ಅಲ್ಪಾವಧಿ ಟೆಂಡರ್ ಪ್ರಕಟಣೆ

1) ಕಾಮಗಾರಿಯ ವಿವರ: KPP-Portalನಲ್ಲಿ ನಮೂದಿಸಲಾಗಿದೆ. 2) ಕಾಮಗಾರಿಯ ಅಂದಾಜು ಮೊತ್ತ: KPP-Portalನಲ್ಲಿ ನಮೂದಿಸಲಾಗಿದೆ. 3) ಗುತ್ತಿಗೆದಾರರ ಅರ್ಹತಾ ವರ್ಗ: 1ನೇ ದರ್ಜೆ ಮತ್ತು ಮೇಲ್ಪಟ್ಟು. 4) ಟೆಂಡರ್ ದಾಖಲೆಗಳನ್ನು KPP-Portalನಲ್ಲಿ ಪಡೆಯಬಹುದಾದ ದಿನಾಂಕ: 09-03-2026 ರಂದು 11.00 ಗಂಟೆಯಿಂದ. 5) ಟೆಂಡರ್ ದಾಖಲಾತಿಗಳನ್ನು ಸಲ್ಲಿಸಲು ಕೊನೆಯ ದಿನಾಂಕ ಮತ್ತು ಸಮಯ: 11-03-2026 ರಂದು 17.00 ಗಂಟೆಗೆ. 6) ತಾಂತ್ರಿಕ ಬಿಡ್ ತೆರೆಯುವ ದಿನಾಂಕ: 13-03-2026 ರಂದು 16.00 ಗಂಟೆಗೆ. 7) ಹಣಕಾಸು ಬಿಡ್ ತೆರೆಯುವ ದಿನಾಂಕ: 16-03-2026 ರಂದು 11.00 ಗಂಟೆಗೆ ಸಾರ್ವಜನಿಕವಾಗಿ ತೆರೆಯಲಾಗುವುದು. 8) ಟೆಂಡರ್ ಒಪ್ಪಿಗೆ ನೀಡುವ ದಿನಾಂಕ: 18-03-2026 ರಂದು 11.00 ಗಂಟೆಗೆ. 9) ಟೆಂಡರ್ ನಮೂನೆ, ಷರತ್ತುಗಳು ಹಾಗೂ ಇತರೆ ವಿವರಗಳನ್ನು ಪೋರ್ಟಲ್‌ನಲ್ಲಿ ವೀಕ್ಷಿಸಬಹುದು. ಇ.ಎಂ.ಡಿ ಮೊತ್ತವನ್ನು ಆನ್‌ಲೈನ್ ಮೂಲಕ ಪಾವತಿಸಬೇಕು. 10) ಯಾವುದೇ ಅಥವಾ ಎಲ್ಲಾ ಟೆಂಡರ್‌ಗಳನ್ನು ಕಾರಣ ನೀಡದೆ ತಿರಸ್ಕರಿಸುವ ಅಧಿಕಾರವನ್ನು ಕಾರ್ಯನಿರ್ವಾಹಕ ಅಭಿಯಂತರರು ಕಾಯ್ದಿರಿಸಿರುತ್ತಾರೆ. ಅಪೂರ್ಣ ಹಾಗೂ ನಿಗದಿತ ದಿನಾಂಕದ ನಂತರ ಸ್ವೀಕೃತವಾದ ಟೆಂಡರ್‌ಗಳನ್ನು ಪರಿಗಣಿಸಲಾಗುವುದಿಲ್ಲ. ಟೆಂಡರ್ ಕುರಿತು ಹೆಚ್ಚಿನ ಮಾಹಿತಿ ಬೇಕಾದಲ್ಲಿ ಕಛೇರಿ ವೇಳೆಯಲ್ಲಿ ಸಂಪರ್ಕಿಸಬಹುದು.

ದೂರವಾಣಿ ಸಂ: 08482 232080, (2) ಅಂತರ್ಜಾಲ ತಾಣ: KPP portal https://kppp.kamataka.gov.in

ಸಹಿ/- ಕಾರ್ಯನಿರ್ವಾಹಕ ಅಭಿಯಂತರರು,
ಸಣ್ಣ ನೀರಾವರಿ ಮತ್ತು ಅಂತರ್ಜಲ ಅಭಿವೃದ್ಧಿ ವಿಭಾಗ, ಬೀದರ.
ಡಿಐ.ಪಿ.ಆರ್.ಇ/ಜಿಲ್ಲೆ/353/ಕೆ.ಎಸ್.ಎಂ.ಸಿ.ಎ/2025-26

ಉಡುಪಿ ನಿರ್ಮಿತಿ ಕೇಂದ್ರದ ದರಪಟ್ಟಿ ಆಹ್ವಾನಕ್ಕೆ ಸಂಬಂಧಿಸಿದ ಷರತ್ತುಗಳು: 1) ದರಪಟ್ಟಿಯಲ್ಲಿ ನಮೂದಿಸುವ ದರಗಳು ಸಾಗಾಣಿಕೆ ವೆಚ್ಚ ಹಾಗೂ ಎಲ್ಲಾ ತೆರಿಗೆಗಳನ್ನು ಒಳಗೊಂಡಿರಬೇಕು. 2) ಸರಬರಾಜು ಮಾಡುವ ಸಾಮಗ್ರಿಗಳು ಗುಣಮಟ್ಟದ ಪ್ರಮಾಣ ಪತ್ರ ಹೊಂದಿರಬೇಕು. 3) ಕಾರ್ಯಾದೇಶ ನೀಡಿದ 45 ದಿನಗಳೊಳಗೆ ಸರಬರಾಜು ಹಾಗೂ ಅಳವಡಿಕೆ ಪೂರ್ಣಗೊಳಿಸಬೇಕು. 4) ಮುಂಗಡ ಹಣ ನೀಡಲಾಗುವುದಿಲ್ಲ, ಬಿಲ್ ಪಾವತಿ ನಿಯಮಾನುಸಾರ ಮಾಡಲಾಗುವುದು. 5) ಯಾವುದೇ ದರಪಟ್ಟಿಯನ್ನು ಕಾರಣ ನೀಡದೆ ತಿರಸ್ಕರಿಸುವ ಅಧಿಕಾರವನ್ನು ಯೋಜನಾ ನಿರ್ದೇಶಕರು ಕಾಯ್ದಿರಿಸಿರುತ್ತಾರೆ. 6) ಸರಬರಾಜು ಮಾಡುವ ಸಾಮಗ್ರಿಗಳು ಅನುಮೋದಿತ ನಕ್ಷೆ ಹಾಗೂ ವಿನ್ಯಾಸಕ್ಕೆ ಅನುಗುಣವಾಗಿರಬೇಕು. 7) ಜಿ.ಎಸ್.ಟಿ ನೋಂದಣಿ ಪ್ರಮಾಣ ಪತ್ರ ಹಾಗೂ ಪ್ಯಾನ್ ಪ್ರತಿಯನ್ನು ದರಪಟ್ಟಿಯೊಂದಿಗೆ ಲಗತ್ತಿಸಬೇಕು. 8) ದರಗಳು ಕಾರ್ಯಾದೇಶ ನೀಡಿದ ದಿನಾಂಕದಿಂದ 90 ದಿನಗಳವರೆಗೆ ಚಾಲ್ತಿಯಲ್ಲಿರಬೇಕು. 9) ವಿಳಂಬ ಸರಬರಾಜಿಗೆ ನಿಯಮಾನುಸಾರ ದಂಡ ವಿಧಿಸಲಾಗುವುದು. 10) ವಿವಾದಗಳಿಗೆ ಉಡುಪಿ ನ್ಯಾಯಾಲಯದ ವ್ಯಾಪ್ತಿ ಅನ್ವಯಿಸುತ್ತದೆ. ಹೆಚ್ಚಿನ ಮಾಹಿತಿಗೆ ಕಛೇರಿ ವೇಳೆಯಲ್ಲಿ ದೂರವಾಣಿ ಸಂಖ್ಯೆ 0820-2574900 ಮೂಲಕ ಸಂಪರ್ಕಿಸಬಹುದು. ಆಸಕ್ತ ಸರಬರಾಜುದಾರರು ನಿಗದಿತ ದಿನಾಂಕದೊಳಗೆ ದರಪಟ್ಟಿ ಸಲ್ಲಿಸುವುದು.

ಉಡುಪಿ ನಿರ್ಮಿತಿ ಕೇಂದ್ರ
ಎ.ಎಸ್.ಎನ್. ಹೆಗ್ಡೆಯವರ ಕಟ್ಟಡ, 2ನೇ ಮಹಡಿ, ಮಣಿಪಾಲ, ಉಡುಪಿ ಜಿಲ್ಲೆ - 576104.
ದೂ: 0820-2574900, udupinirmithikendra@gmail.com
ಸಂ:- ಉನಿಕೇ/ಟೆಂಡರ್/1236/2025-26	ದಿನಾಂಕ: 02-03-2026
ದರ ಪಟ್ಟಿ ಆಹ್ವಾನ ಪ್ರಕಟಣೆ

ಉಡುಪಿ ಜಿಲ್ಲಾ ಹಾಗೂ ಸುತ್ತಮುತ್ತಲಿನ ಸರ್ಕಾರಿ ಇಲಾಖೆಗಳ ಕಾಮಗಾರಿಗಳಿಗೆ ಈ ಕೆಳಗೆ ನಮೂದಿಸಿದ ಸಾಮಗ್ರಿಗಳ ಸರಬರಾಜು ಹಾಗೂ ಅಳವಡಿಕೆಗೆ ಅನುಭವಿ ಸರಬರಾಜುದಾರರಿಂದ ದರಪಟ್ಟಿಯನ್ನು ಆಹ್ವಾನಿಸಲಾಗಿದೆ. ದರಪಟ್ಟಿಯನ್ನು ದಿನಾಂಕ 12-03-2026 ಒಳಗಾಗಿ ಇ-ಮೇಲ್: udupinirmithikendra@gmail.com ಮೂಲಕ ಅಥವಾ ಕಛೇರಿ ವಿಳಾಸಕ್ಕೆ ಸಲ್ಲಿಸಬಹುದು.

ಹೆಚ್ಚಿನ ಮಾಹಿತಿಗಾಗಿ ದೂರವಾಣಿ ಸಂಖ್ಯೆ: 0820-2574900 ಸಂಪರ್ಕಿಸುವುದು.

Sl. No.	Particulars	Qty.	Units
01	Fabrication & supply of 40KL capacity Horizontal, cylindrical type belowground installation diesel storage MS Tank with stiffeners, 600mm dia manhole cover, Nozzle, holding down brackets as per IS10987 & approved drawing. MOC: IS2062. Thickness: 6mm shell plate & 10mm end plate. Size of Tank 2750mm dia x 7500mm long	1	No.
02	Fabrication & supply of 60KL capacity Horizontal, cylindrical type belowground installation diesel storage MS Tank with stiffeners, 600mm dia manhole cover, Nozzle, holding down brackets as per IS10987 & approved drawing. MOC: IS2062. Thickness: 6mm shell plate & 10mm end plate. Size of Tank 2750mm dia x 9000mm long	1	No.
03	Painting: Applying one coat of metal primer, two coat of tank mastic paint & 1.5mm thick Tar sheet wrapping entire tank external surface	2	No.s
04	Transportation charges including loading & unloading	2	No.s
05	Erection of above tank at your spot with mounting to the civil chamber	2	No.s
06	2 Nozzle fuel dispenser	2	No.s
07	Yard fencing as per PESO approved Drawing	1	No.
08	Erection panel, connection, earthing connection	1	No.
09	Dewatering system & Pipeline work	1	No.
ಸಹಿ/- ಅರುಣ್ ಕುಮಾರ್,
ಯೋಜನಾ ನಿರ್ದೇಶಕರು, ಉಡುಪಿ ನಿರ್ಮಿತಿ ಕೇಂದ್ರ
